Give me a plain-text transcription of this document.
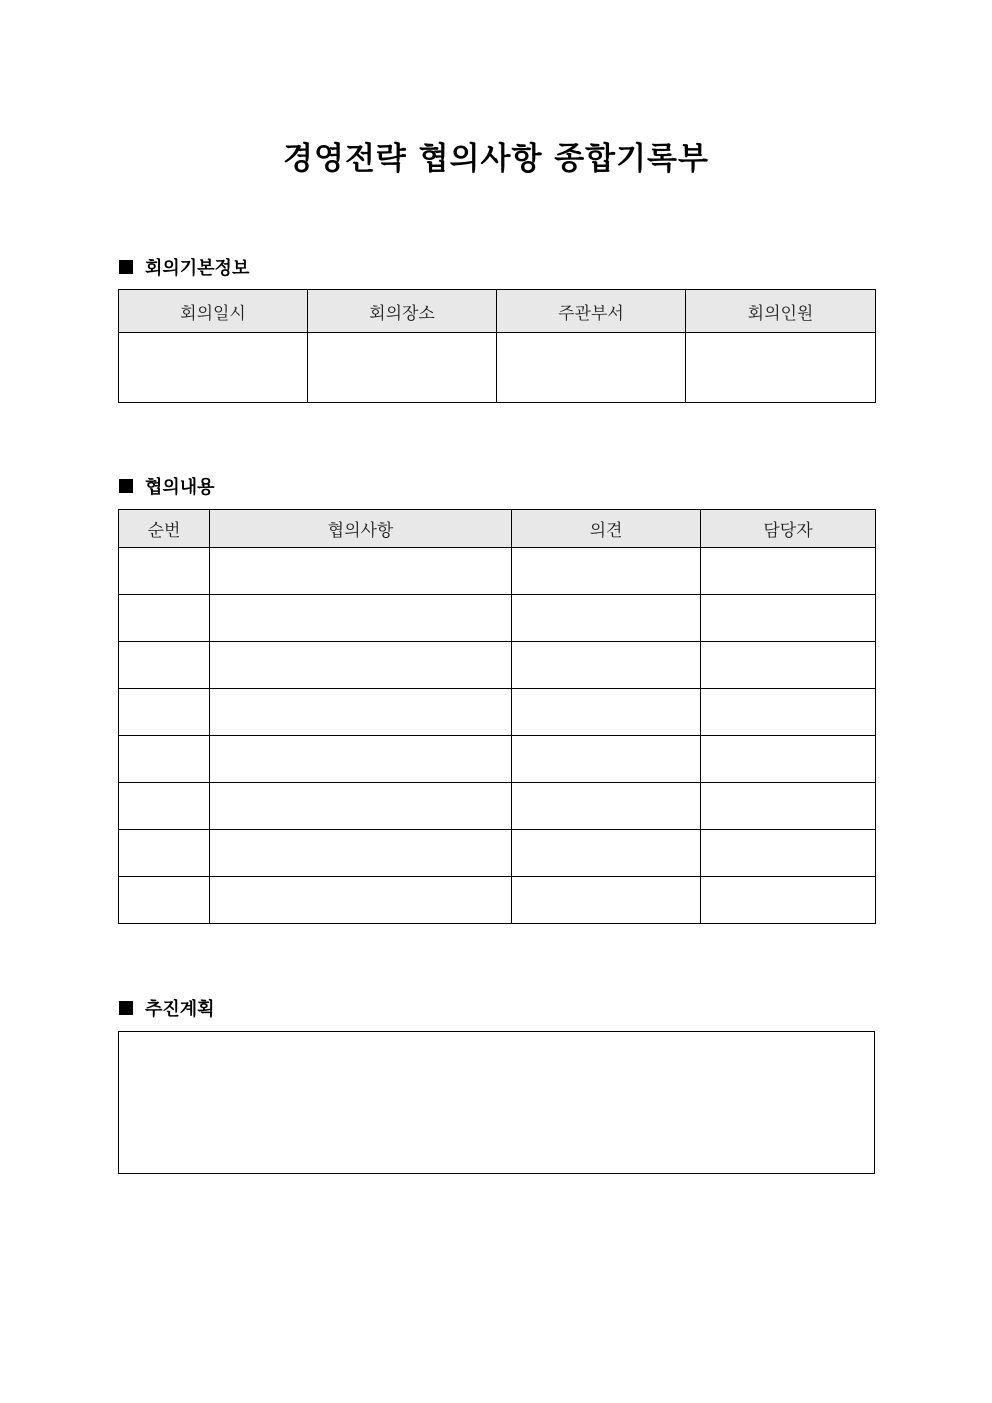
경영전략 협의사항 종합기록부
회의기본정보
회의일시	회의장소	주관부서	회의인원

협의내용
순번	협의사항	의견	담당자

추진계획
